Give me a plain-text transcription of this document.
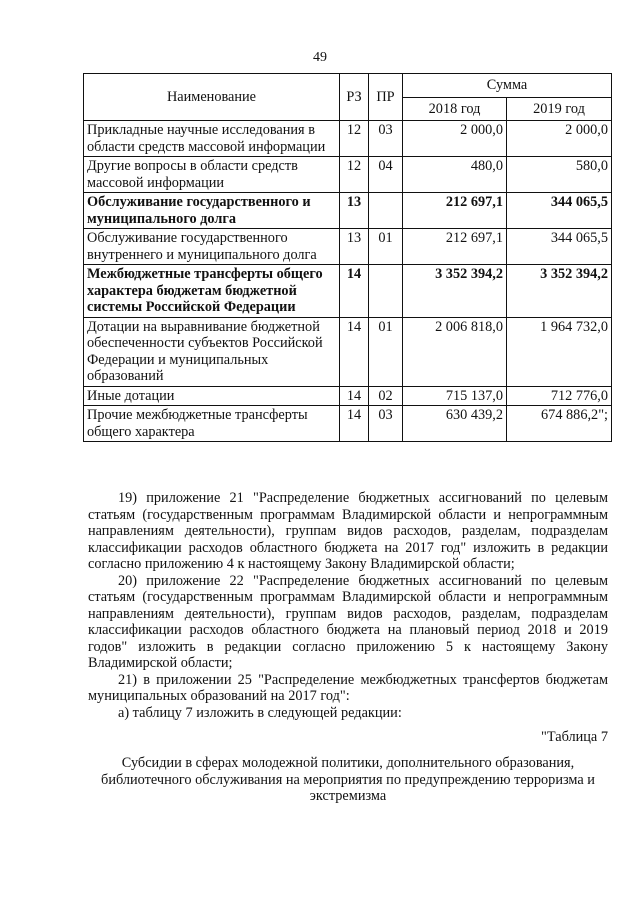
49
Наименование	РЗ	ПР	Сумма	
			2018 год	2019 год
Прикладные научные исследования в области средств массовой информации	12	03	2 000,0	2 000,0
Другие вопросы в области средств массовой информации	12	04	480,0	580,0
Обслуживание государственного и муниципального долга	13		212 697,1	344 065,5
Обслуживание государственного внутреннего и муниципального долга	13	01	212 697,1	344 065,5
Межбюджетные трансферты общего характера бюджетам бюджетной системы Российской Федерации	14		3 352 394,2	3 352 394,2
Дотации на выравнивание бюджетной обеспеченности субъектов Российской Федерации и муниципальных образований	14	01	2 006 818,0	1 964 732,0
Иные дотации	14	02	715 137,0	712 776,0
Прочие межбюджетные трансферты общего характера	14	03	630 439,2	674 886,2";

19) приложение 21 "Распределение бюджетных ассигнований по целевым статьям (государственным программам Владимирской области и непрограммным направлениям деятельности), группам видов расходов, разделам, подразделам классификации расходов областного бюджета на 2017 год" изложить в редакции согласно приложению 4 к настоящему Закону Владимирской области;

20) приложение 22 "Распределение бюджетных ассигнований по целевым статьям (государственным программам Владимирской области и непрограммным направлениям деятельности), группам видов расходов, разделам, подразделам классификации расходов областного бюджета на плановый период 2018 и 2019 годов" изложить в редакции согласно приложению 5 к настоящему Закону Владимирской области;

21) в приложении 25 "Распределение межбюджетных трансфертов бюджетам муниципальных образований на 2017 год":

а) таблицу 7 изложить в следующей редакции:

"Таблица 7

Субсидии в сферах молодежной политики, дополнительного образования, библиотечного обслуживания на мероприятия по предупреждению терроризма и экстремизма
